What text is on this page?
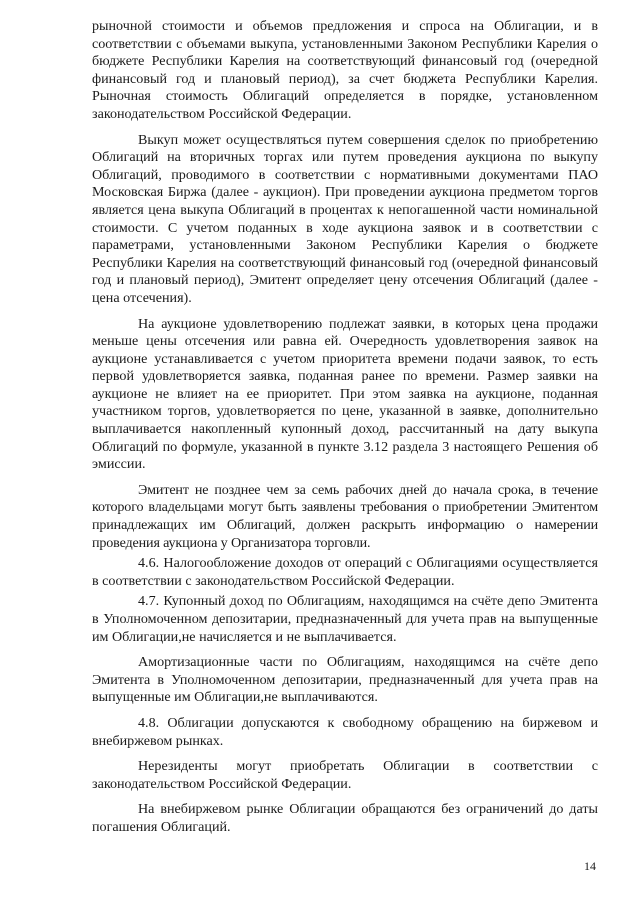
рыночной стоимости и объемов предложения и спроса на Облигации, и в соответствии с объемами выкупа, установленными Законом Республики Карелия о бюджете Республики Карелия на соответствующий финансовый год (очередной финансовый год и плановый период), за счет бюджета Республики Карелия. Рыночная стоимость Облигаций определяется в порядке, установленном законодательством Российской Федерации.

Выкуп может осуществляться путем совершения сделок по приобретению Облигаций на вторичных торгах или путем проведения аукциона по выкупу Облигаций, проводимого в соответствии с нормативными документами ПАО Московская Биржа (далее - аукцион). При проведении аукциона предметом торгов является цена выкупа Облигаций в процентах к непогашенной части номинальной стоимости. С учетом поданных в ходе аукциона заявок и в соответствии с параметрами, установленными Законом Республики Карелия о бюджете Республики Карелия на соответствующий финансовый год (очередной финансовый год и плановый период), Эмитент определяет цену отсечения Облигаций (далее - цена отсечения).

На аукционе удовлетворению подлежат заявки, в которых цена продажи меньше цены отсечения или равна ей. Очередность удовлетворения заявок на аукционе устанавливается с учетом приоритета времени подачи заявок, то есть первой удовлетворяется заявка, поданная ранее по времени. Размер заявки на аукционе не влияет на ее приоритет. При этом заявка на аукционе, поданная участником торгов, удовлетворяется по цене, указанной в заявке, дополнительно выплачивается накопленный купонный доход, рассчитанный на дату выкупа Облигаций по формуле, указанной в пункте 3.12 раздела 3 настоящего Решения об эмиссии.

Эмитент не позднее чем за семь рабочих дней до начала срока, в течение которого владельцами могут быть заявлены требования о приобретении Эмитентом принадлежащих им Облигаций, должен раскрыть информацию о намерении проведения аукциона у Организатора торговли.

4.6. Налогообложение доходов от операций с Облигациями осуществляется в соответствии с законодательством Российской Федерации.

4.7. Купонный доход по Облигациям, находящимся на счёте депо Эмитента в Уполномоченном депозитарии, предназначенный для учета прав на выпущенные им Облигации,не начисляется и не выплачивается.

Амортизационные части по Облигациям, находящимся на счёте депо Эмитента в Уполномоченном депозитарии, предназначенный для учета прав на выпущенные им Облигации,не выплачиваются.

4.8. Облигации допускаются к свободному обращению на биржевом и внебиржевом рынках.

Нерезиденты могут приобретать Облигации в соответствии с законодательством Российской Федерации.

На внебиржевом рынке Облигации обращаются без ограничений до даты погашения Облигаций.

14
